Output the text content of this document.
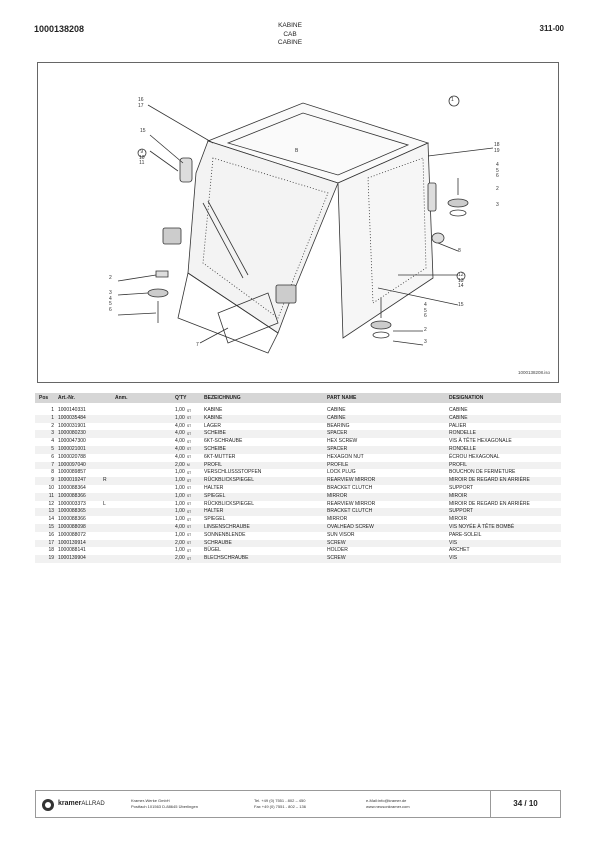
1000138208	KABINE
CAB
CABINE
311-00
1
16
17
15
9
10
11
B
18
19
4
5
6
2
3
8
12
13
14
15
2
3
4
5
6
7
4
5
6
2
3
1000138208.iso
Pos Art.-Nr.	Anm.	Q'TY	BEZEICHNUNG	PART NAME	DESIGNATION
1 1000140331	1,00 ST	KABINE	CABINE	CABINE
1 1000035484	1,00 ST	KABINE	CABINE	CABINE
2 1000031901	4,00 ST	LAGER	BEARING	PALIER
3 1000080230	4,00 ST	SCHEIBE	SPACER	RONDELLE
4 1000047300	4,00 ST	6KT-SCHRAUBE	HEX SCREW	VIS À TÊTE HEXAGONALE
5 1000021001	4,00 ST	SCHEIBE	SPACER	RONDELLE
6 1000020788	4,00 ST	6KT-MUTTER	HEXAGON NUT	ÉCROU HEXAGONAL
7 1000097040	2,00 M	PROFIL	PROFILE	PROFIL
8 1000089857	1,00 ST	VERSCHLUSSSTOPFEN	LOCK PLUG	BOUCHON DE FERMETURE
9 1000019247	R	1,00 ST	RÜCKBLICKSPIEGEL	REARVIEW MIRROR	MIROIR DE REGARD EN ARRIÈRE
10 1000088364	1,00 ST	HALTER	BRACKET CLUTCH	SUPPORT
11 1000088366	1,00 ST	SPIEGEL	MIRROR	MIROIR
12 1000003373	L	1,00 ST	RÜCKBLICKSPIEGEL	REARVIEW MIRROR	MIROIR DE REGARD EN ARRIÈRE
13 1000088365	1,00 ST	HALTER	BRACKET CLUTCH	SUPPORT
14 1000088366	1,00 ST	SPIEGEL	MIRROR	MIROIR
15 1000088098	4,00 ST	LINSENSCHRAUBE	OVALHEAD SCREW	VIS NOYÉE À TÊTE BOMBÉ
16 1000088072	1,00 ST	SONNENBLENDE	SUN VISOR	PARE-SOLEIL
17 1000139914	2,00 ST	SCHRAUBE	SCREW	VIS
18 1000088141	1,00 ST	BÜGEL	HOLDER	ARCHET
19 1000139904	2,00 ST	BLECHSCHRAUBE	SCREW	VIS
kramerALLRAD
Kramer-Werke GmbH
Postfach 101563 D-88645 Überlingen
Tel. +49 (0) 7551 - 802 – 450
Fax +49 (0) 7551 - 802 – 136
e-Mail:info@kramer.de
www.neusonkramer.com	34 / 10
